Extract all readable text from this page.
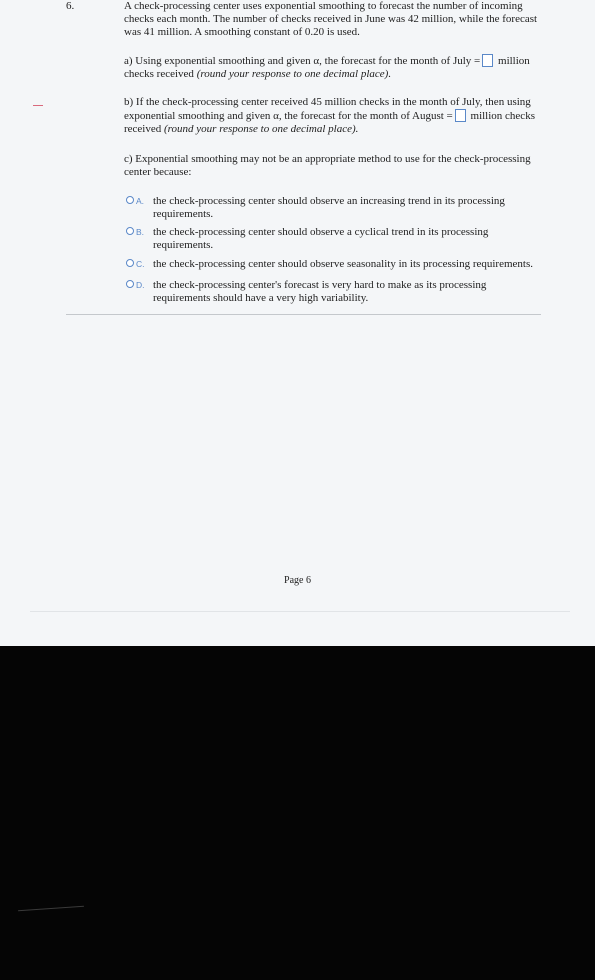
6.	A check-processing center uses exponential smoothing to forecast the number of incoming checks each month. The number of checks received in June was 42 million, while the forecast was 41 million. A smoothing constant of 0.20 is used.
a) Using exponential smoothing and given α, the forecast for the month of July = million checks received (round your response to one decimal place).
b) If the check-processing center received 45 million checks in the month of July, then using exponential smoothing and given α, the forecast for the month of August = million checks received (round your response to one decimal place).
c) Exponential smoothing may not be an appropriate method to use for the check-processing center because:
A. the check-processing center should observe an increasing trend in its processing requirements.
B. the check-processing center should observe a cyclical trend in its processing requirements.
C. the check-processing center should observe seasonality in its processing requirements.
D. the check-processing center's forecast is very hard to make as its processing requirements should have a very high variability.
Page 6
